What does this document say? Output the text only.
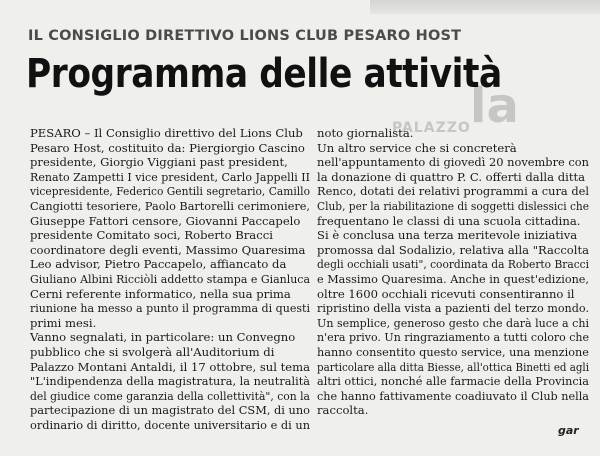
la
PALAZZO
IL CONSIGLIO DIRETTIVO LIONS CLUB PESARO HOST
Programma delle attività
PESARO – Il Consiglio direttivo del Lions Club
Pesaro Host, costituito da: Piergiorgio Cascino
presidente, Giorgio Viggiani past president,
Renato Zampetti I vice president, Carlo Jappelli II
vicepresidente, Federico Gentili segretario, Camillo
Cangiotti tesoriere, Paolo Bartorelli cerimoniere,
Giuseppe Fattori censore, Giovanni Paccapelo
presidente Comitato soci, Roberto Bracci
coordinatore degli eventi, Massimo Quaresima
Leo advisor, Pietro Paccapelo, affiancato da
Giuliano Albini Ricciòli addetto stampa e Gianluca
Cerni referente informatico, nella sua prima
riunione ha messo a punto il programma di questi
primi mesi.
Vanno segnalati, in particolare: un Convegno
pubblico che si svolgerà all'Auditorium di
Palazzo Montani Antaldi, il 17 ottobre, sul tema
"L'indipendenza della magistratura, la neutralità
del giudice come garanzia della collettività", con la
partecipazione di un magistrato del CSM, di uno
ordinario di diritto, docente universitario e di un
noto giornalista.
Un altro service che si concreterà
nell'appuntamento di giovedì 20 novembre con
la donazione di quattro P. C. offerti dalla ditta
Renco, dotati dei relativi programmi a cura del
Club, per la riabilitazione di soggetti dislessici che
frequentano le classi di una scuola cittadina.
Si è conclusa una terza meritevole iniziativa
promossa dal Sodalizio, relativa alla "Raccolta
degli occhiali usati", coordinata da Roberto Bracci
e Massimo Quaresima. Anche in quest'edizione,
oltre 1600 occhiali ricevuti consentiranno il
ripristino della vista a pazienti del terzo mondo.
Un semplice, generoso gesto che darà luce a chi
n'era privo. Un ringraziamento a tutti coloro che
hanno consentito questo service, una menzione
particolare alla ditta Biesse, all'ottica Binetti ed agli
altri ottici, nonché alle farmacie della Provincia
che hanno fattivamente coadiuvato il Club nella
raccolta.
gar
